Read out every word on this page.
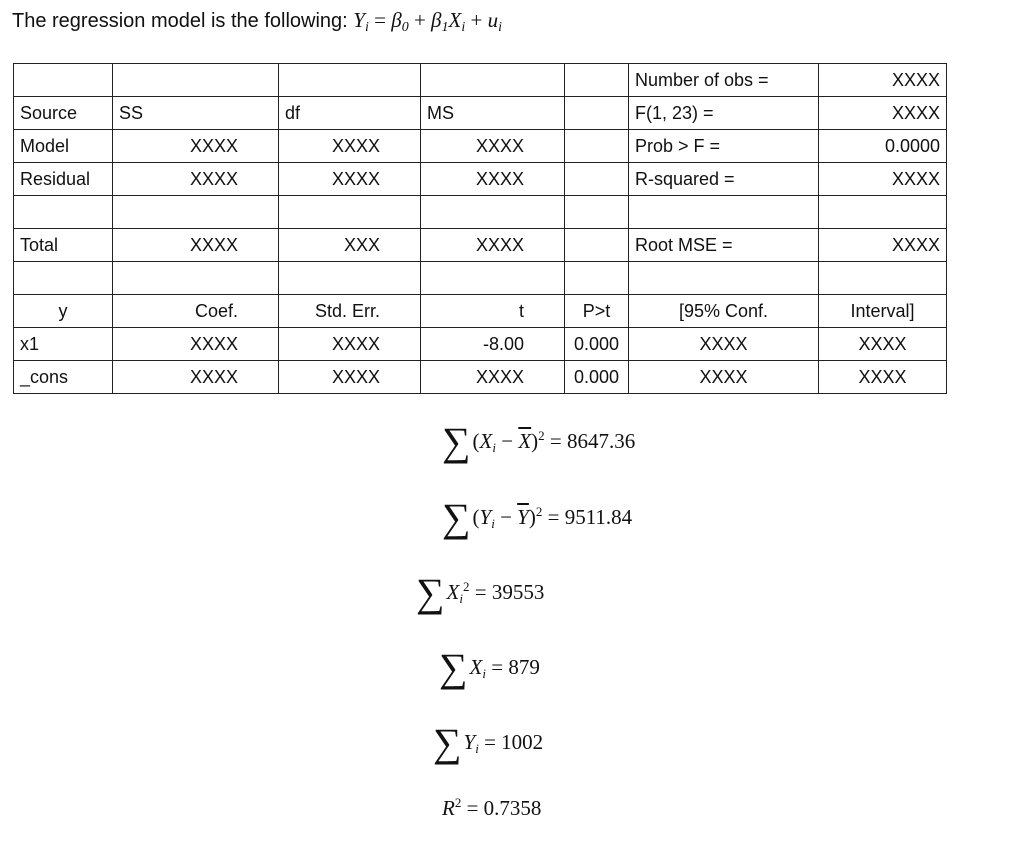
The regression model is the following: $Y_i = \beta_0 + \beta_1X_i + u_i$
					Number of obs =	XXXX
Source	SS	df	MS		F(1, 23) =	XXXX
Model	XXXX	XXXX	XXXX		Prob > F =	0.0000
Residual	XXXX	XXXX	XXXX		R-squared =	XXXX

Total	XXXX	XXX	XXXX		Root MSE =	XXXX

y	Coef.	Std. Err.	t	P>t	[95% Conf.	Interval]
x1	XXXX	XXXX	-8.00	0.000	XXXX	XXXX
_cons	XXXX	XXXX	XXXX	0.000	XXXX	XXXX
$\sum(X_i - \overline{X})^2 = 8647.36$
$\sum(Y_i - \overline{Y})^2 = 9511.84$
$\sum X_i^2 = 39553$
$\sum X_i = 879$
$\sum Y_i = 1002$
$R^2 = 0.7358$
